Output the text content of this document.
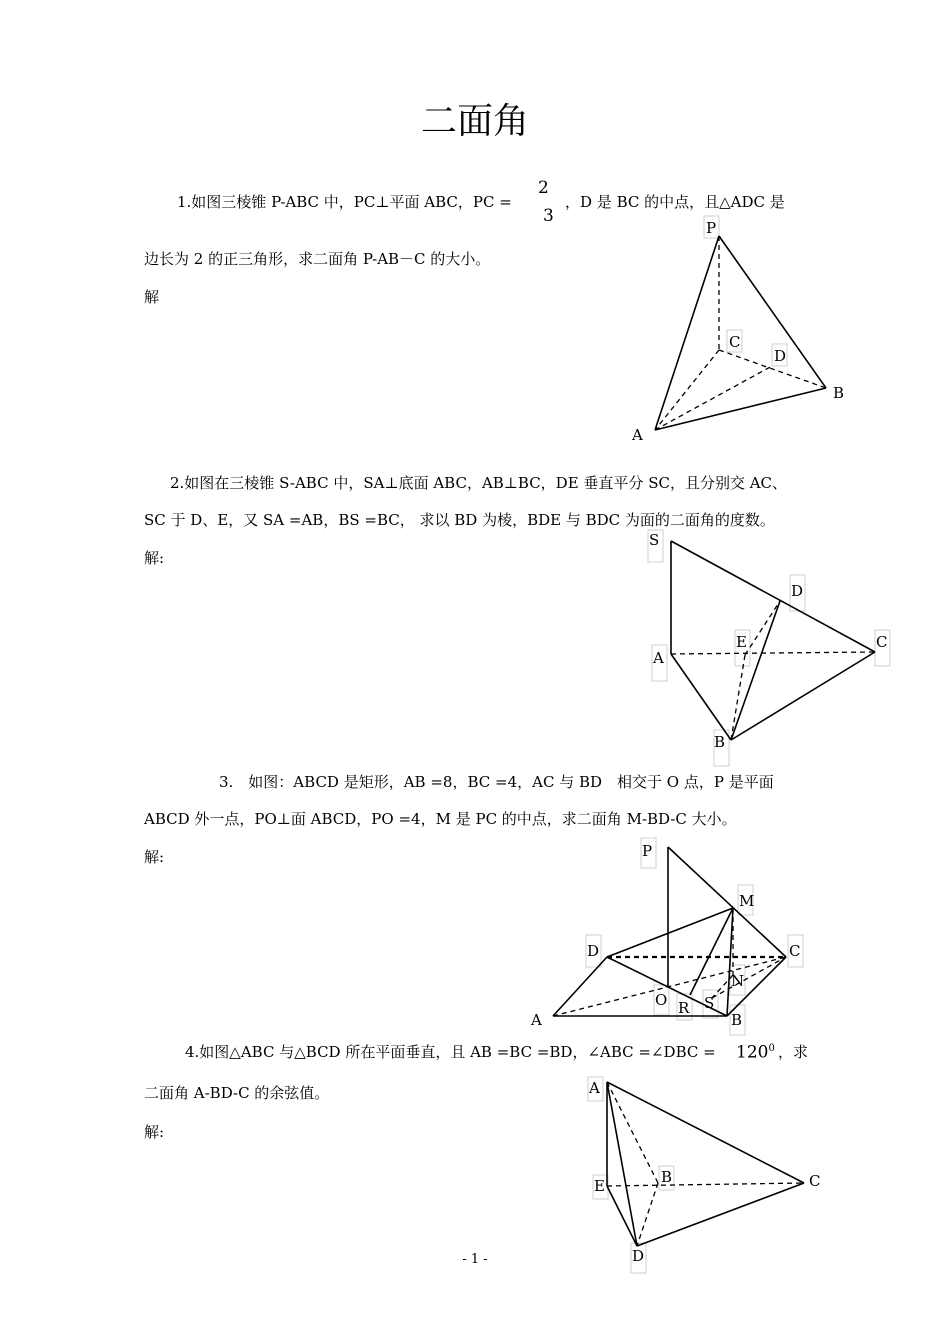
二面角
1.如图三棱锥 P-ABC 中，PC⊥平面 ABC，PC =
2
3
，D 是 BC 的中点，且△ADC 是
边长为 2 的正三角形，求二面角 P-AB－C 的大小。
解
P
C
D
B
A
S
D
E	C
A
B
P
M
D	C
N
O R S
A	B
A
E	B	C
D
2.如图在三棱锥 S-ABC 中，SA⊥底面 ABC，AB⊥BC，DE 垂直平分 SC，且分别交 AC、
SC 于 D、E，又 SA =AB，BS =BC， 求以 BD 为棱，BDE 与 BDC 为面的二面角的度数。
解:
3.　如图：ABCD 是矩形，AB =8，BC =4，AC 与 BD　相交于 O 点，P 是平面
ABCD 外一点，PO⊥面 ABCD，PO =4，M 是 PC 的中点，求二面角 M-BD-C 大小。
解:
4.如图△ABC 与△BCD 所在平面垂直，且 AB =BC =BD，∠ABC =∠DBC = $120^0$ ，求
二面角 A-BD-C 的余弦值。
解:
- 1 -
